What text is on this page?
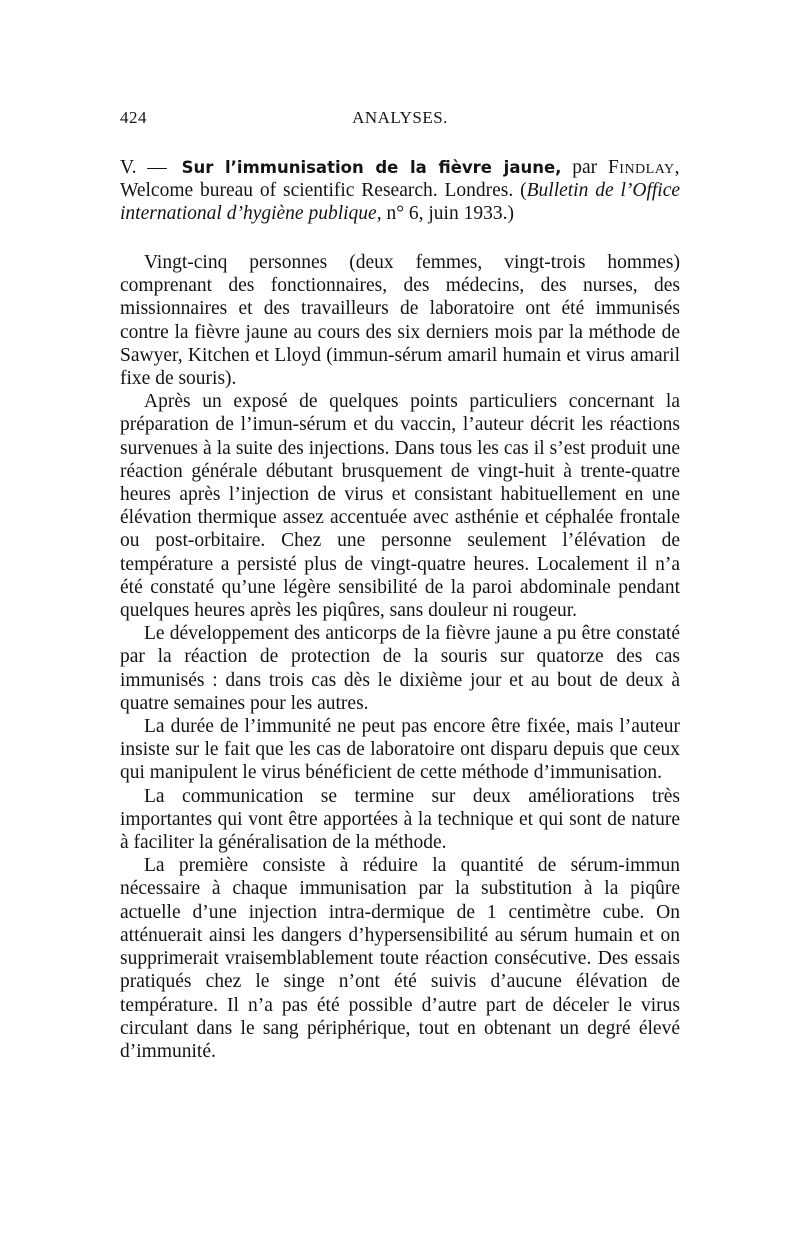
424	ANALYSES.
V. — Sur l’immunisation de la fièvre jaune, par Findlay, Welcome bureau of scientific Research. Londres. (Bulletin de l’Office international d’hygiène publique, n° 6, juin 1933.)

Vingt-cinq personnes (deux femmes, vingt-trois hommes) comprenant des fonctionnaires, des médecins, des nurses, des missionnaires et des travailleurs de laboratoire ont été immunisés contre la fièvre jaune au cours des six derniers mois par la méthode de Sawyer, Kitchen et Lloyd (immun-sérum amaril humain et virus amaril fixe de souris).

Après un exposé de quelques points particuliers concernant la préparation de l’imun-sérum et du vaccin, l’auteur décrit les réactions survenues à la suite des injections. Dans tous les cas il s’est produit une réaction générale débutant brusquement de vingt-huit à trente-quatre heures après l’injection de virus et consistant habituellement en une élévation thermique assez accentuée avec asthénie et céphalée frontale ou post-orbitaire. Chez une personne seulement l’élévation de température a persisté plus de vingt-quatre heures. Localement il n’a été constaté qu’une légère sensibilité de la paroi abdominale pendant quelques heures après les piqûres, sans douleur ni rougeur.

Le développement des anticorps de la fièvre jaune a pu être constaté par la réaction de protection de la souris sur quatorze des cas immunisés : dans trois cas dès le dixième jour et au bout de deux à quatre semaines pour les autres.

La durée de l’immunité ne peut pas encore être fixée, mais l’auteur insiste sur le fait que les cas de laboratoire ont disparu depuis que ceux qui manipulent le virus bénéficient de cette méthode d’immunisation.

La communication se termine sur deux améliorations très importantes qui vont être apportées à la technique et qui sont de nature à faciliter la généralisation de la méthode.

La première consiste à réduire la quantité de sérum-immun nécessaire à chaque immunisation par la substitution à la piqûre actuelle d’une injection intra-dermique de 1 centimètre cube. On atténuerait ainsi les dangers d’hypersensibilité au sérum humain et on supprimerait vraisemblablement toute réaction consécutive. Des essais pratiqués chez le singe n’ont été suivis d’aucune élévation de température. Il n’a pas été possible d’autre part de déceler le virus circulant dans le sang périphérique, tout en obtenant un degré élevé d’immunité.
